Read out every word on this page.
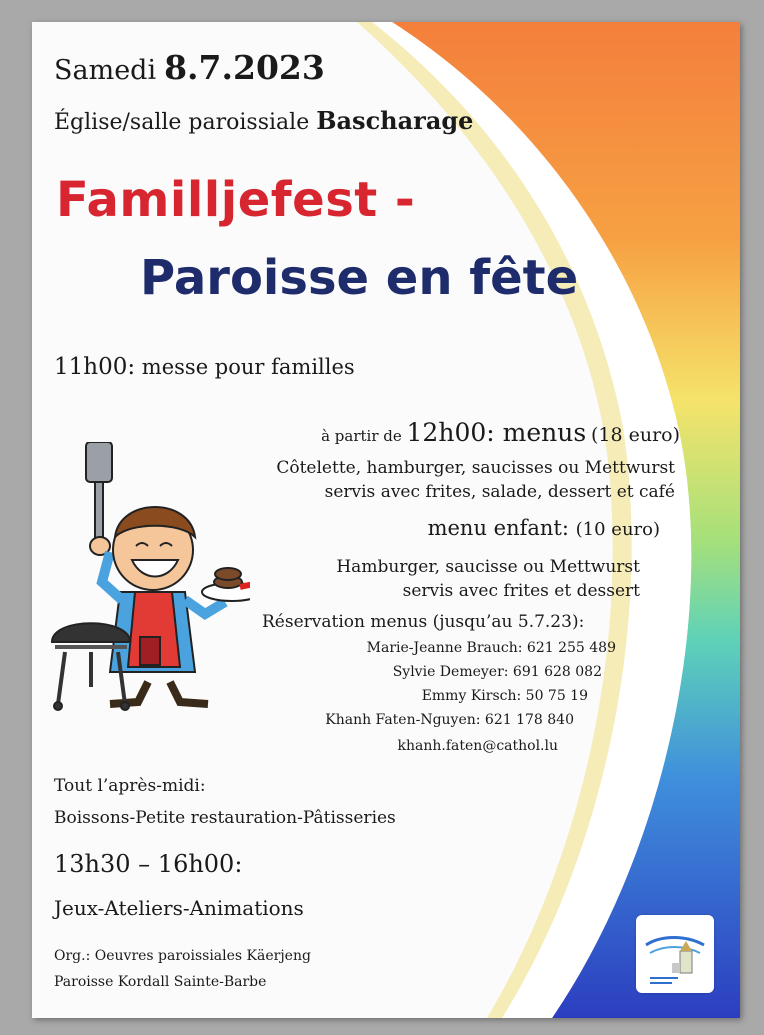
Samedi 8.7.2023
Église/salle paroissiale Bascharage
Familljefest -
Paroisse en fête
11h00: messe pour familles
à partir de 12h00: menus (18 euro)
Côtelette, hamburger, saucisses ou Mettwurst
servis avec frites, salade, dessert et café
menu enfant: (10 euro)
Hamburger, saucisse ou Mettwurst
servis avec frites et dessert
Réservation menus (jusqu’au 5.7.23):
Marie-Jeanne Brauch: 621 255 489
Sylvie Demeyer: 691 628 082
Emmy Kirsch: 50 75 19
Khanh Faten-Nguyen: 621 178 840
khanh.faten@cathol.lu
Tout l’après-midi:
Boissons-Petite restauration-Pâtisseries
13h30 – 16h00:
Jeux-Ateliers-Animations
Org.: Oeuvres paroissiales Käerjeng
Paroisse Kordall Sainte-Barbe
